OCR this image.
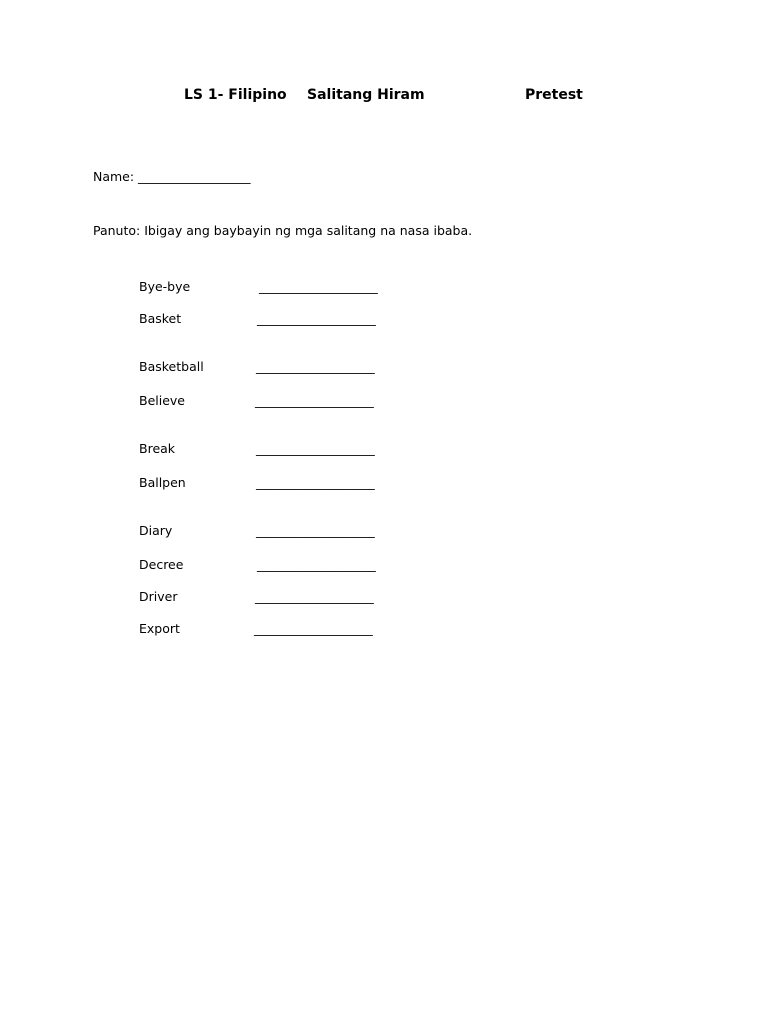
LS 1- Filipino Salitang Hiram	Pretest
Name: __________________
Panuto: Ibigay ang baybayin ng mga salitang na nasa ibaba.
Bye-bye	___________________
Basket	___________________
Basketball	___________________
Believe	___________________
Break	___________________
Ballpen	___________________
Diary	___________________
Decree	___________________
Driver	___________________
Export	___________________
